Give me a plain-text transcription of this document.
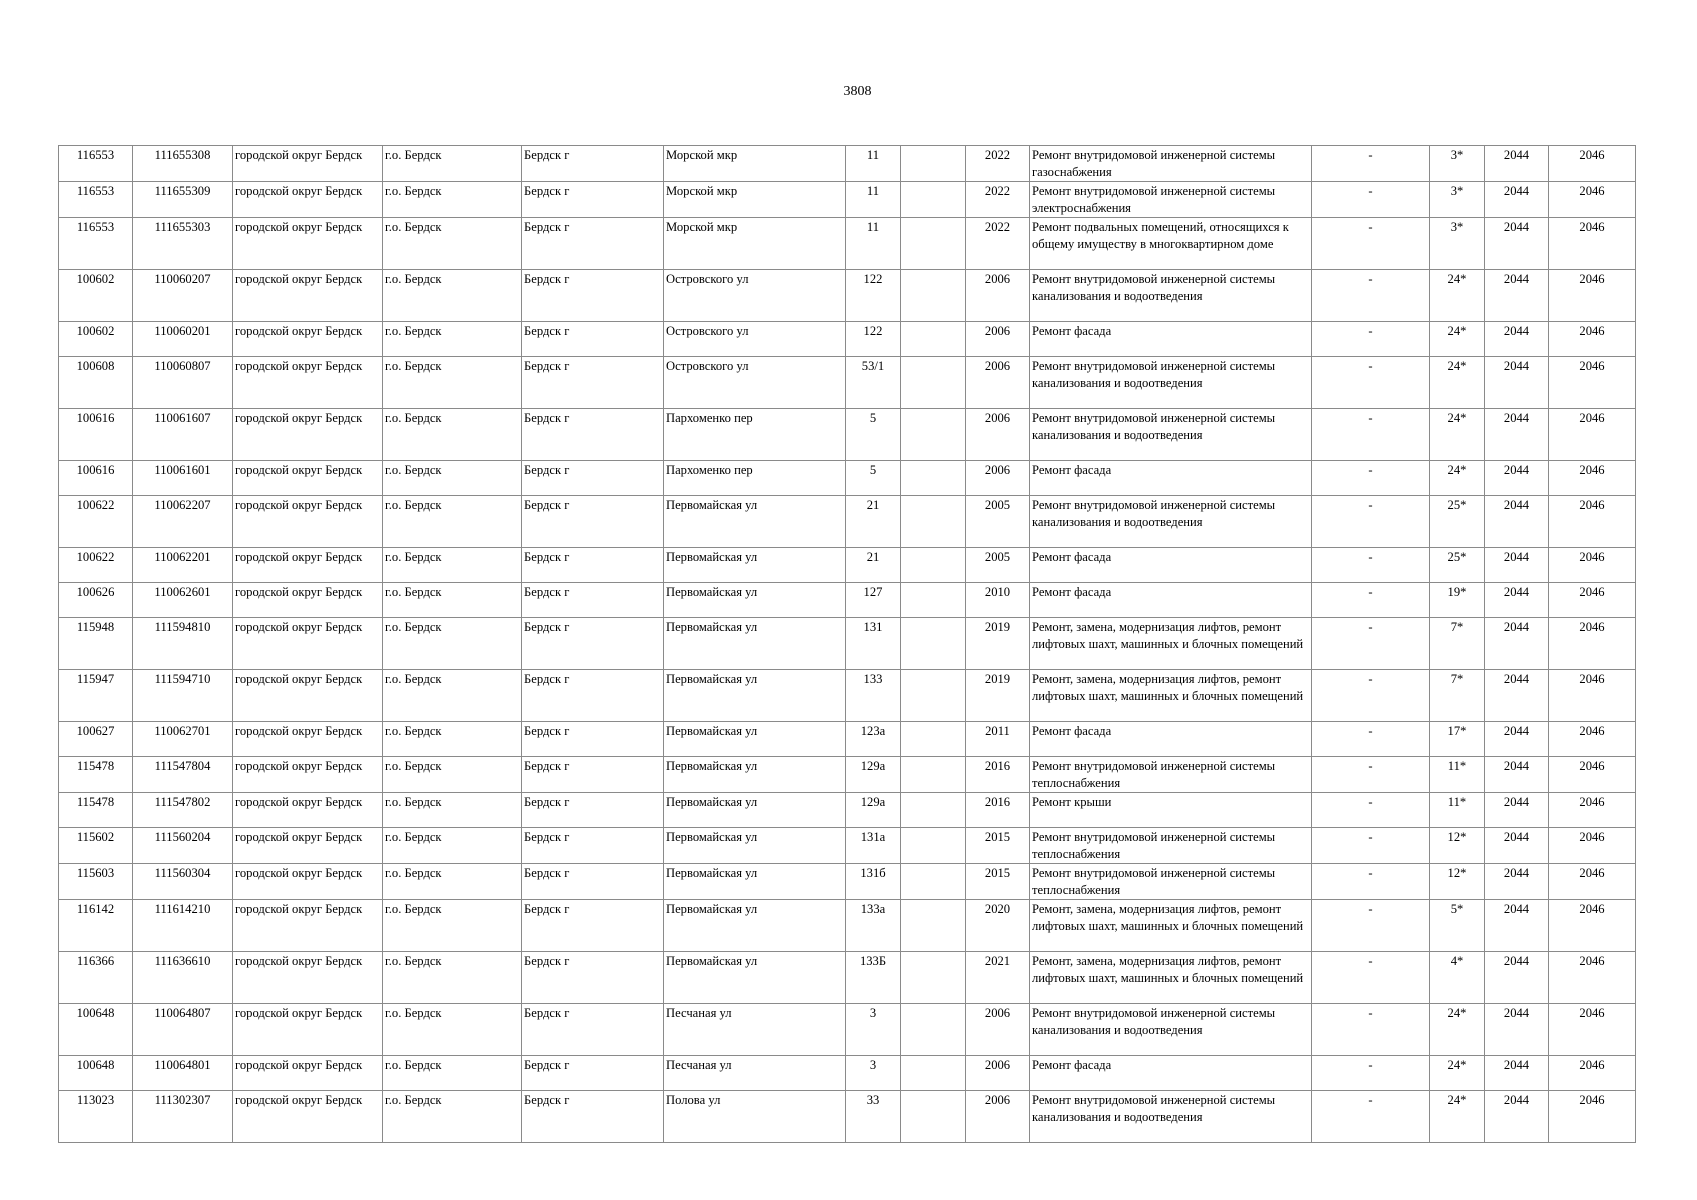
3808
116553	111655308	городской округ Бердск	г.о. Бердск	Бердск г	Морской мкр	11		2022	Ремонт внутридомовой инженерной системы газоснабжения	-	3*	2044	2046
116553	111655309	городской округ Бердск	г.о. Бердск	Бердск г	Морской мкр	11		2022	Ремонт внутридомовой инженерной системы электроснабжения	-	3*	2044	2046
116553	111655303	городской округ Бердск	г.о. Бердск	Бердск г	Морской мкр	11		2022	Ремонт подвальных помещений, относящихся к общему имуществу в многоквартирном доме	-	3*	2044	2046
100602	110060207	городской округ Бердск	г.о. Бердск	Бердск г	Островского ул	122		2006	Ремонт внутридомовой инженерной системы канализования и водоотведения	-	24*	2044	2046
100602	110060201	городской округ Бердск	г.о. Бердск	Бердск г	Островского ул	122		2006	Ремонт фасада	-	24*	2044	2046
100608	110060807	городской округ Бердск	г.о. Бердск	Бердск г	Островского ул	53/1		2006	Ремонт внутридомовой инженерной системы канализования и водоотведения	-	24*	2044	2046
100616	110061607	городской округ Бердск	г.о. Бердск	Бердск г	Пархоменко пер	5		2006	Ремонт внутридомовой инженерной системы канализования и водоотведения	-	24*	2044	2046
100616	110061601	городской округ Бердск	г.о. Бердск	Бердск г	Пархоменко пер	5		2006	Ремонт фасада	-	24*	2044	2046
100622	110062207	городской округ Бердск	г.о. Бердск	Бердск г	Первомайская ул	21		2005	Ремонт внутридомовой инженерной системы канализования и водоотведения	-	25*	2044	2046
100622	110062201	городской округ Бердск	г.о. Бердск	Бердск г	Первомайская ул	21		2005	Ремонт фасада	-	25*	2044	2046
100626	110062601	городской округ Бердск	г.о. Бердск	Бердск г	Первомайская ул	127		2010	Ремонт фасада	-	19*	2044	2046
115948	111594810	городской округ Бердск	г.о. Бердск	Бердск г	Первомайская ул	131		2019	Ремонт, замена, модернизация лифтов, ремонт лифтовых шахт, машинных и блочных помещений	-	7*	2044	2046
115947	111594710	городской округ Бердск	г.о. Бердск	Бердск г	Первомайская ул	133		2019	Ремонт, замена, модернизация лифтов, ремонт лифтовых шахт, машинных и блочных помещений	-	7*	2044	2046
100627	110062701	городской округ Бердск	г.о. Бердск	Бердск г	Первомайская ул	123а		2011	Ремонт фасада	-	17*	2044	2046
115478	111547804	городской округ Бердск	г.о. Бердск	Бердск г	Первомайская ул	129а		2016	Ремонт внутридомовой инженерной системы теплоснабжения	-	11*	2044	2046
115478	111547802	городской округ Бердск	г.о. Бердск	Бердск г	Первомайская ул	129а		2016	Ремонт крыши	-	11*	2044	2046
115602	111560204	городской округ Бердск	г.о. Бердск	Бердск г	Первомайская ул	131а		2015	Ремонт внутридомовой инженерной системы теплоснабжения	-	12*	2044	2046
115603	111560304	городской округ Бердск	г.о. Бердск	Бердск г	Первомайская ул	131б		2015	Ремонт внутридомовой инженерной системы теплоснабжения	-	12*	2044	2046
116142	111614210	городской округ Бердск	г.о. Бердск	Бердск г	Первомайская ул	133а		2020	Ремонт, замена, модернизация лифтов, ремонт лифтовых шахт, машинных и блочных помещений	-	5*	2044	2046
116366	111636610	городской округ Бердск	г.о. Бердск	Бердск г	Первомайская ул	133Б		2021	Ремонт, замена, модернизация лифтов, ремонт лифтовых шахт, машинных и блочных помещений	-	4*	2044	2046
100648	110064807	городской округ Бердск	г.о. Бердск	Бердск г	Песчаная ул	3		2006	Ремонт внутридомовой инженерной системы канализования и водоотведения	-	24*	2044	2046
100648	110064801	городской округ Бердск	г.о. Бердск	Бердск г	Песчаная ул	3		2006	Ремонт фасада	-	24*	2044	2046
113023	111302307	городской округ Бердск	г.о. Бердск	Бердск г	Полова ул	33		2006	Ремонт внутридомовой инженерной системы канализования и водоотведения	-	24*	2044	2046
